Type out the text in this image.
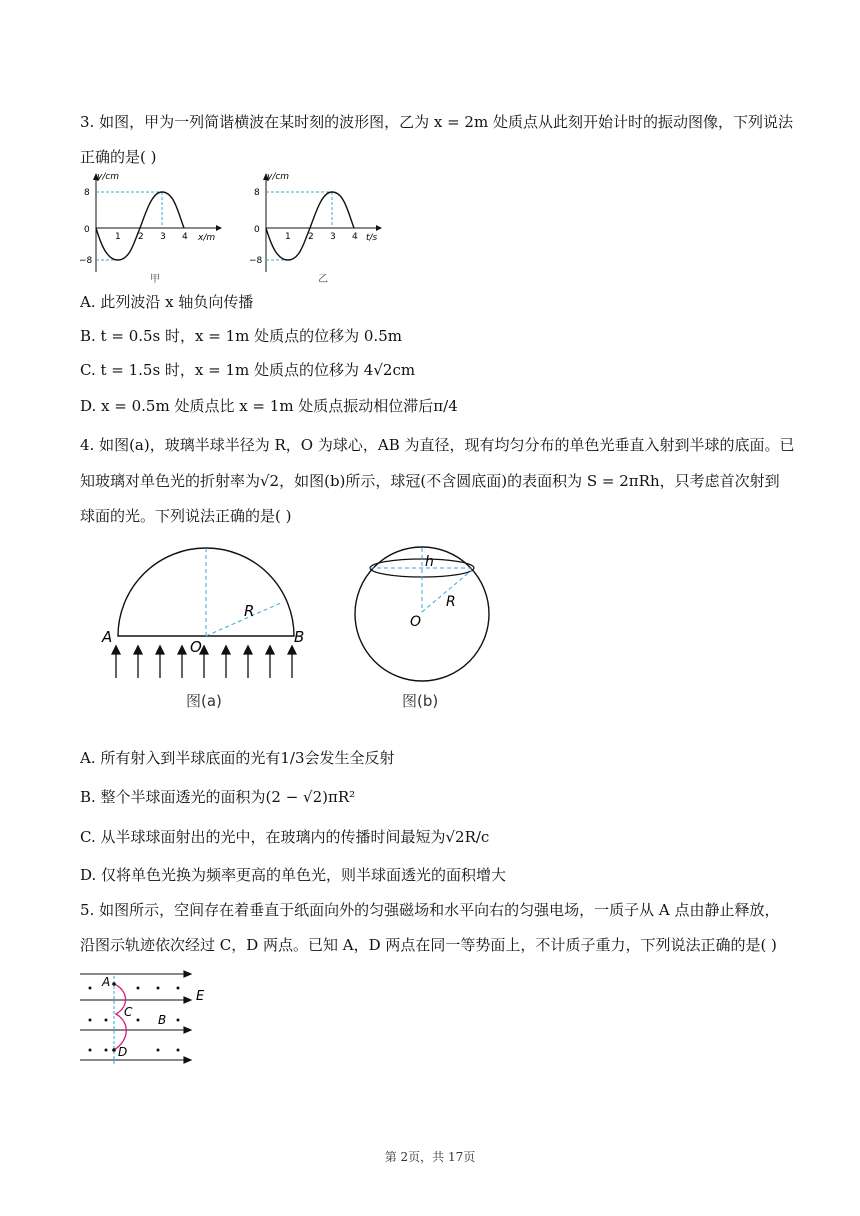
3. 如图，甲为一列简谐横波在某时刻的波形图，乙为 x = 2m 处质点从此刻开始计时的振动图像，下列说法
正确的是( )
y/cm
x/m
8
0
−8
1 2 3 4
甲
y/cm
t/s
8
0
−8
1 2 3 4
乙
A. 此列波沿 x 轴负向传播
B. t = 0.5s 时，x = 1m 处质点的位移为 0.5m
C. t = 1.5s 时，x = 1m 处质点的位移为 4√2cm
D. x = 0.5m 处质点比 x = 1m 处质点振动相位滞后π/4
4. 如图(a)，玻璃半球半径为 R，O 为球心，AB 为直径，现有均匀分布的单色光垂直入射到半球的底面。已
知玻璃对单色光的折射率为√2，如图(b)所示，球冠(不含圆底面)的表面积为 S = 2πRh，只考虑首次射到
球面的光。下列说法正确的是( )
A	B
O
R
图(a)
h
R
O
图(b)
A. 所有射入到半球底面的光有1/3会发生全反射
B. 整个半球面透光的面积为(2 − √2)πR²
C. 从半球球面射出的光中，在玻璃内的传播时间最短为√2R/c
D. 仅将单色光换为频率更高的单色光，则半球面透光的面积增大
5. 如图所示，空间存在着垂直于纸面向外的匀强磁场和水平向右的匀强电场，一质子从 A 点由静止释放，
沿图示轨迹依次经过 C，D 两点。已知 A，D 两点在同一等势面上，不计质子重力，下列说法正确的是( )
A
C
B
D
E
第 2页，共 17页
